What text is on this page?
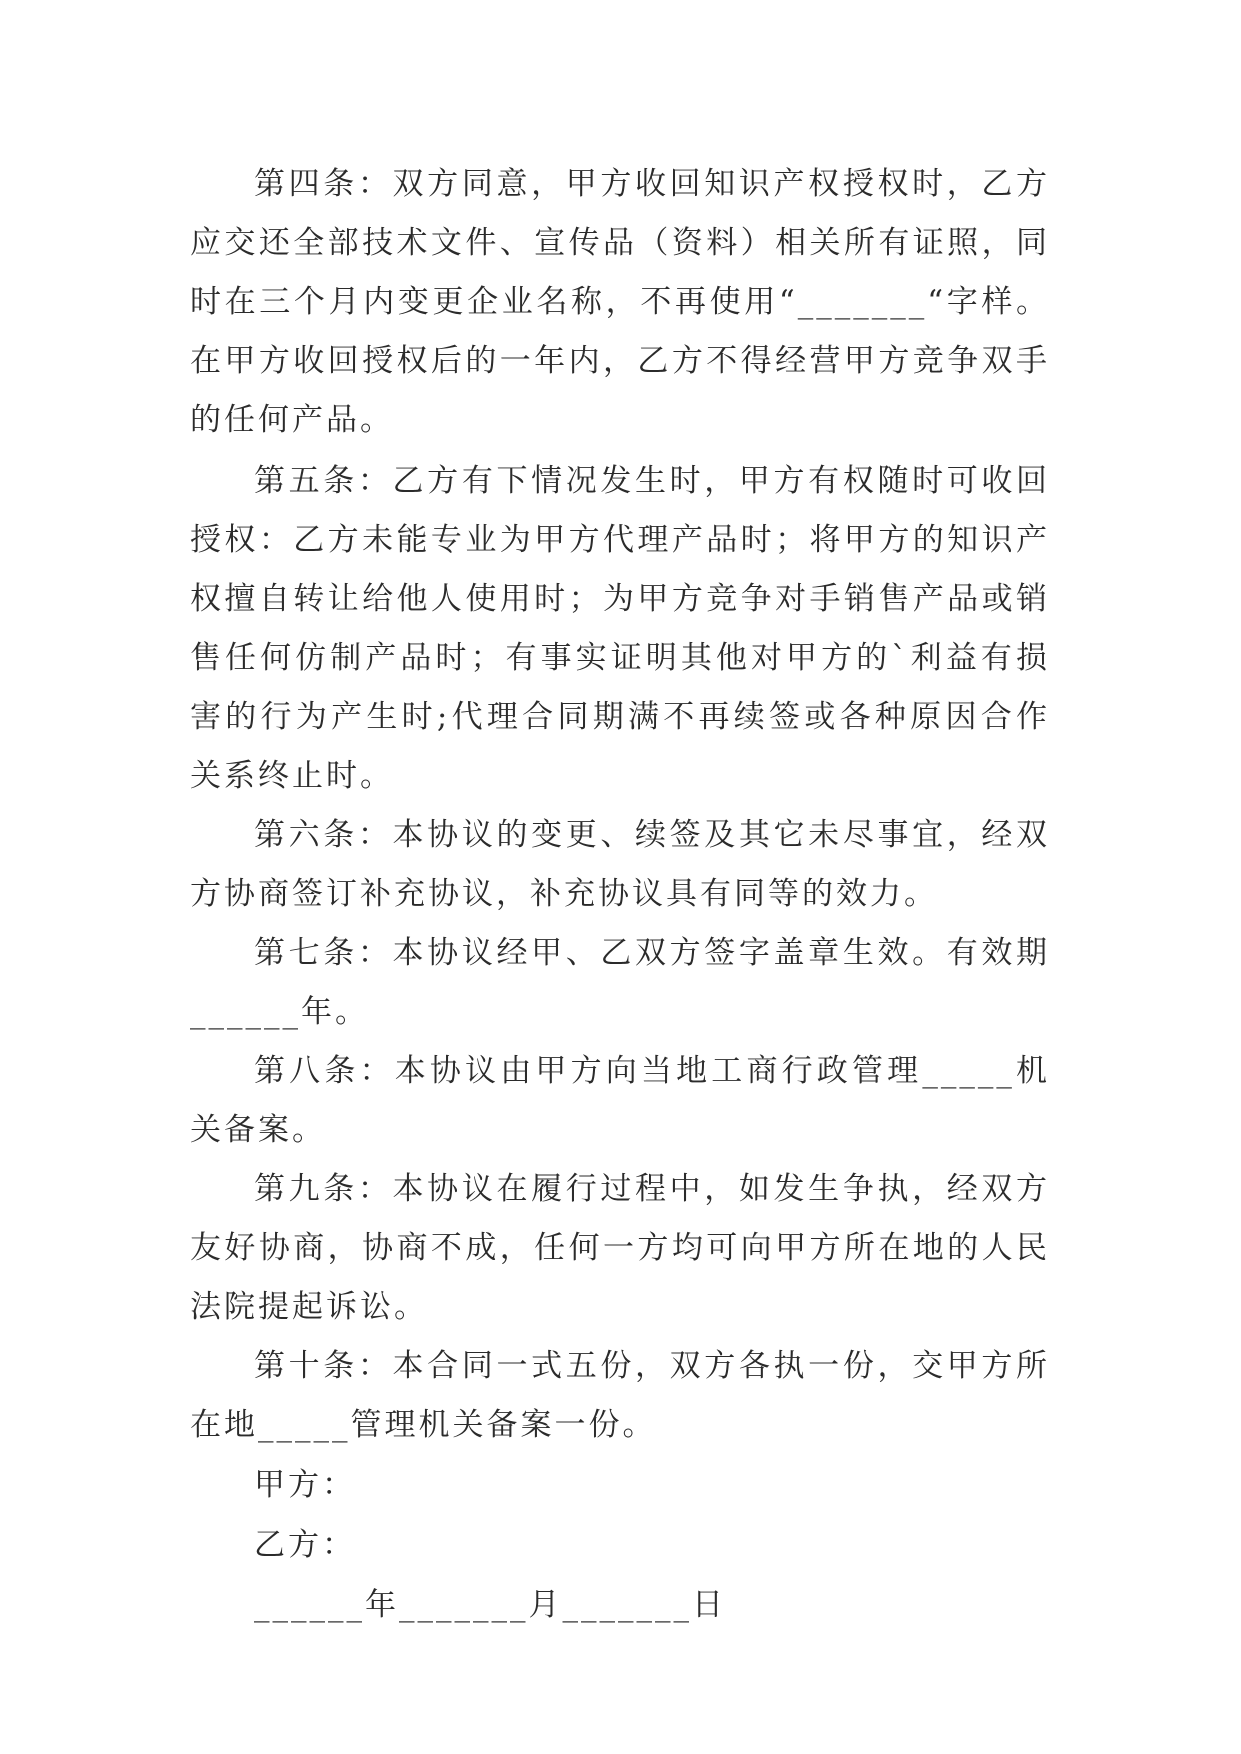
第四条：双方同意，甲方收回知识产权授权时，乙方应交还全部技术文件、宣传品（资料）相关所有证照，同时在三个月内变更企业名称，不再使用“_______“字样。在甲方收回授权后的一年内，乙方不得经营甲方竞争双手的任何产品。

第五条：乙方有下情况发生时，甲方有权随时可收回授权：乙方未能专业为甲方代理产品时；将甲方的知识产权擅自转让给他人使用时；为甲方竞争对手销售产品或销售任何仿制产品时；有事实证明其他对甲方的`利益有损害的行为产生时;代理合同期满不再续签或各种原因合作关系终止时。

第六条：本协议的变更、续签及其它未尽事宜，经双方协商签订补充协议，补充协议具有同等的效力。

第七条：本协议经甲、乙双方签字盖章生效。有效期______年。

第八条：本协议由甲方向当地工商行政管理_____机关备案。

第九条：本协议在履行过程中，如发生争执，经双方友好协商，协商不成，任何一方均可向甲方所在地的人民法院提起诉讼。

第十条：本合同一式五份，双方各执一份，交甲方所在地_____管理机关备案一份。

甲方：

乙方：

______年_______月_______日
